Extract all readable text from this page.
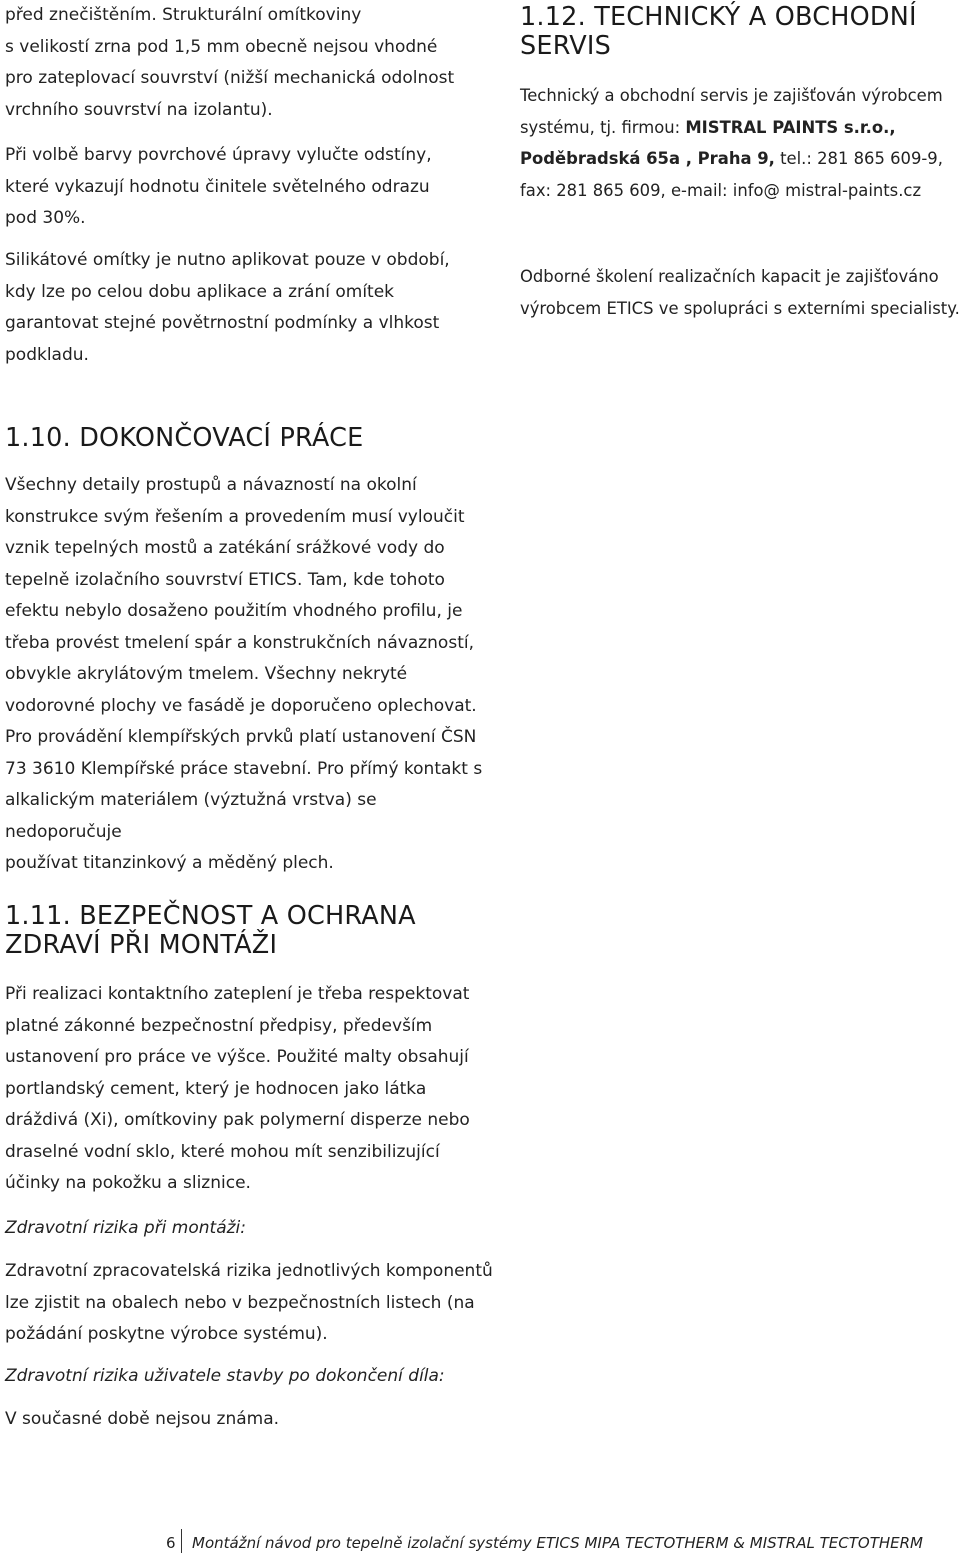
před znečištěním. Strukturální omítkoviny
s velikostí zrna pod 1,5 mm obecně nejsou vhodné
pro zateplovací souvrství (nižší mechanická odolnost
vrchního souvrství na izolantu).
Při volbě barvy povrchové úpravy vylučte odstíny,
které vykazují hodnotu činitele světelného odrazu
pod 30%.
Silikátové omítky je nutno aplikovat pouze v období,
kdy lze po celou dobu aplikace a zrání omítek
garantovat stejné povětrnostní podmínky a vlhkost
podkladu.
1.10. DOKONČOVACÍ PRÁCE
Všechny detaily prostupů a návazností na okolní
konstrukce svým řešením a provedením musí vyloučit
vznik tepelných mostů a zatékání srážkové vody do
tepelně izolačního souvrství ETICS. Tam, kde tohoto
efektu nebylo dosaženo použitím vhodného profilu, je
třeba provést tmelení spár a konstrukčních návazností,
obvykle akrylátovým tmelem. Všechny nekryté
vodorovné plochy ve fasádě je doporučeno oplechovat.
Pro provádění klempířských prvků platí ustanovení ČSN
73 3610 Klempířské práce stavební. Pro přímý kontakt s
alkalickým materiálem (výztužná vrstva) se nedoporučuje
používat titanzinkový a měděný plech.
1.11. BEZPEČNOST A OCHRANA
ZDRAVÍ PŘI MONTÁŽI
Při realizaci kontaktního zateplení je třeba respektovat
platné zákonné bezpečnostní předpisy, především
ustanovení pro práce ve výšce. Použité malty obsahují
portlandský cement, který je hodnocen jako látka
dráždivá (Xi), omítkoviny pak polymerní disperze nebo
draselné vodní sklo, které mohou mít senzibilizující
účinky na pokožku a sliznice.
Zdravotní rizika při montáži:
Zdravotní zpracovatelská rizika jednotlivých komponentů
lze zjistit na obalech nebo v bezpečnostních listech (na
požádání poskytne výrobce systému).
Zdravotní rizika uživatele stavby po dokončení díla:
V současné době nejsou známa.
1.12. TECHNICKÝ A OBCHODNÍ
SERVIS
Technický a obchodní servis je zajišťován výrobcem
systému, tj. firmou: MISTRAL PAINTS s.r.o.,
Poděbradská 65a , Praha 9, tel.: 281 865 609-9,
fax: 281 865 609, e-mail: info@ mistral-paints.cz
Odborné školení realizačních kapacit je zajišťováno
výrobcem ETICS ve spolupráci s externími specialisty.
6 Montážní návod pro tepelně izolační systémy ETICS MIPA TECTOTHERM & MISTRAL TECTOTHERM
